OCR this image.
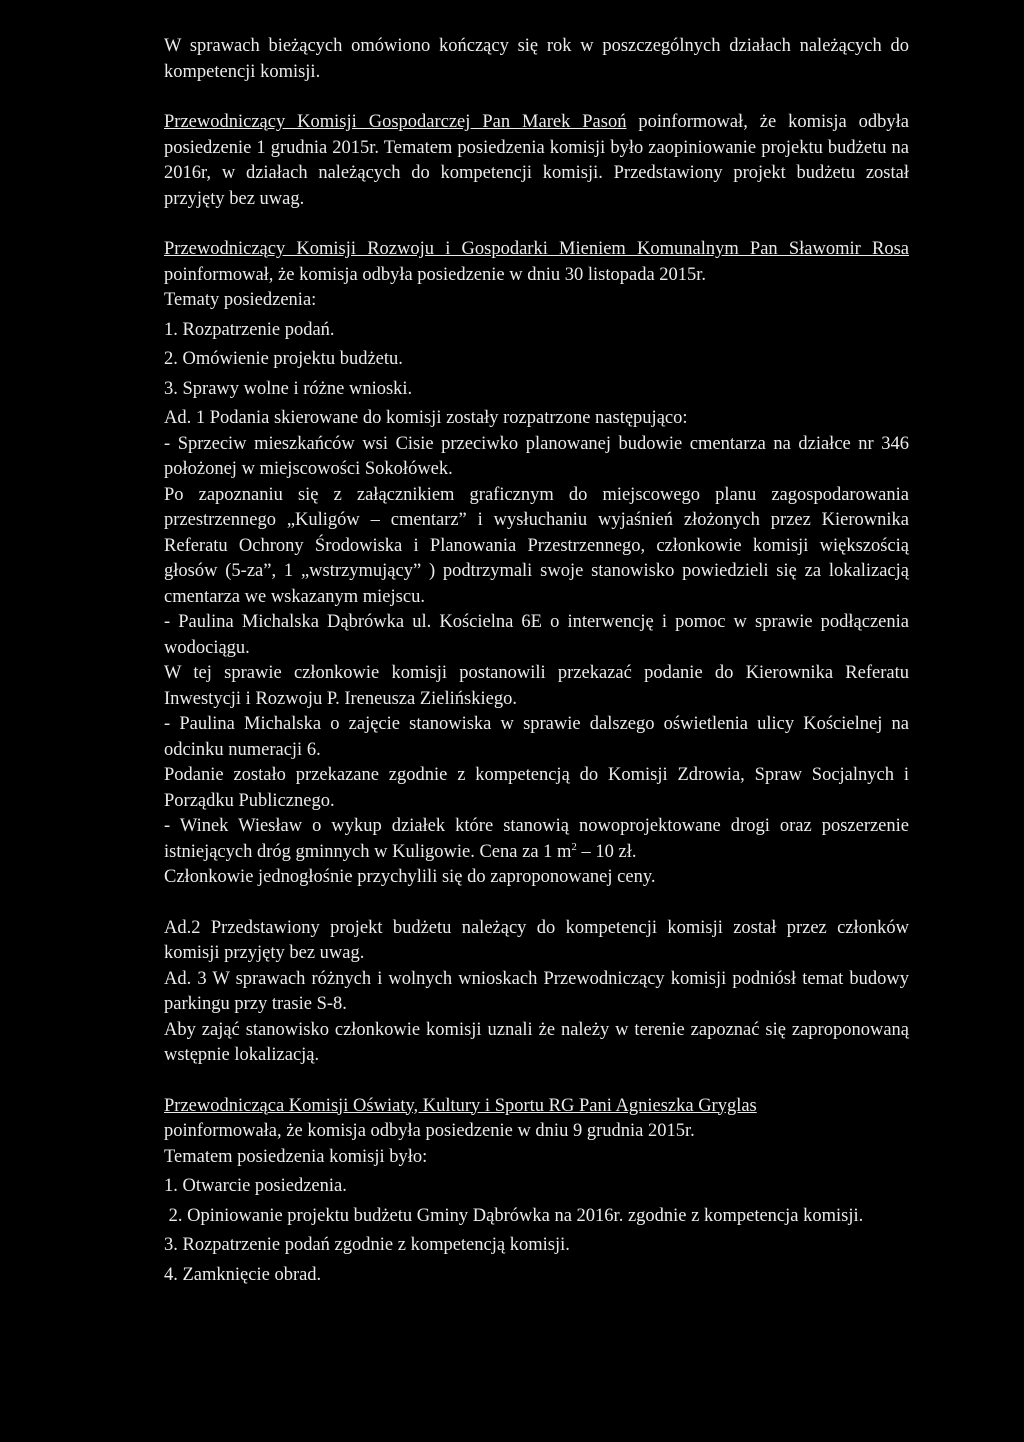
W sprawach bieżących omówiono kończący się rok w poszczególnych działach należących do kompetencji komisji.

Przewodniczący Komisji Gospodarczej Pan Marek Pasoń poinformował, że komisja odbyła posiedzenie 1 grudnia 2015r. Tematem posiedzenia komisji było zaopiniowanie projektu budżetu na 2016r, w działach należących do kompetencji komisji. Przedstawiony projekt budżetu został przyjęty bez uwag.

Przewodniczący Komisji Rozwoju i Gospodarki Mieniem Komunalnym Pan Sławomir Rosa poinformował, że komisja odbyła posiedzenie w dniu 30 listopada 2015r.

Tematy posiedzenia:

1. Rozpatrzenie podań.

2. Omówienie projektu budżetu.

3. Sprawy wolne i różne wnioski.

Ad. 1 Podania skierowane do komisji zostały rozpatrzone następująco:

- Sprzeciw mieszkańców wsi Cisie przeciwko planowanej budowie cmentarza na działce nr 346 położonej w miejscowości Sokołówek.

Po zapoznaniu się z załącznikiem graficznym do miejscowego planu zagospodarowania przestrzennego „Kuligów – cmentarz” i wysłuchaniu wyjaśnień złożonych przez Kierownika Referatu Ochrony Środowiska i Planowania Przestrzennego, członkowie komisji większością głosów (5-za”, 1 „wstrzymujący” ) podtrzymali swoje stanowisko powiedzieli się za lokalizacją cmentarza we wskazanym miejscu.

- Paulina Michalska Dąbrówka ul. Kościelna 6E o interwencję i pomoc w sprawie podłączenia wodociągu.

W tej sprawie członkowie komisji postanowili przekazać podanie do Kierownika Referatu Inwestycji i Rozwoju P. Ireneusza Zielińskiego.

- Paulina Michalska o zajęcie stanowiska w sprawie dalszego oświetlenia ulicy Kościelnej na odcinku numeracji 6.

Podanie zostało przekazane zgodnie z kompetencją do Komisji Zdrowia, Spraw Socjalnych i Porządku Publicznego.

- Winek Wiesław o wykup działek które stanowią nowoprojektowane drogi oraz poszerzenie istniejących dróg gminnych w Kuligowie. Cena za 1 $m^2 - 10$ zł.

Członkowie jednogłośnie przychylili się do zaproponowanej ceny.

Ad.2 Przedstawiony projekt budżetu należący do kompetencji komisji został przez członków komisji przyjęty bez uwag.

Ad. 3 W sprawach różnych i wolnych wnioskach Przewodniczący komisji podniósł temat budowy parkingu przy trasie S-8.

Aby zająć stanowisko członkowie komisji uznali że należy w terenie zapoznać się zaproponowaną wstępnie lokalizacją.

Przewodnicząca Komisji Oświaty, Kultury i Sportu RG Pani Agnieszka Gryglas

poinformowała, że komisja odbyła posiedzenie w dniu 9 grudnia 2015r.

Tematem posiedzenia komisji było:

1. Otwarcie posiedzenia.

2. Opiniowanie projektu budżetu Gminy Dąbrówka na 2016r. zgodnie z kompetencja komisji.

3. Rozpatrzenie podań zgodnie z kompetencją komisji.

4. Zamknięcie obrad.
